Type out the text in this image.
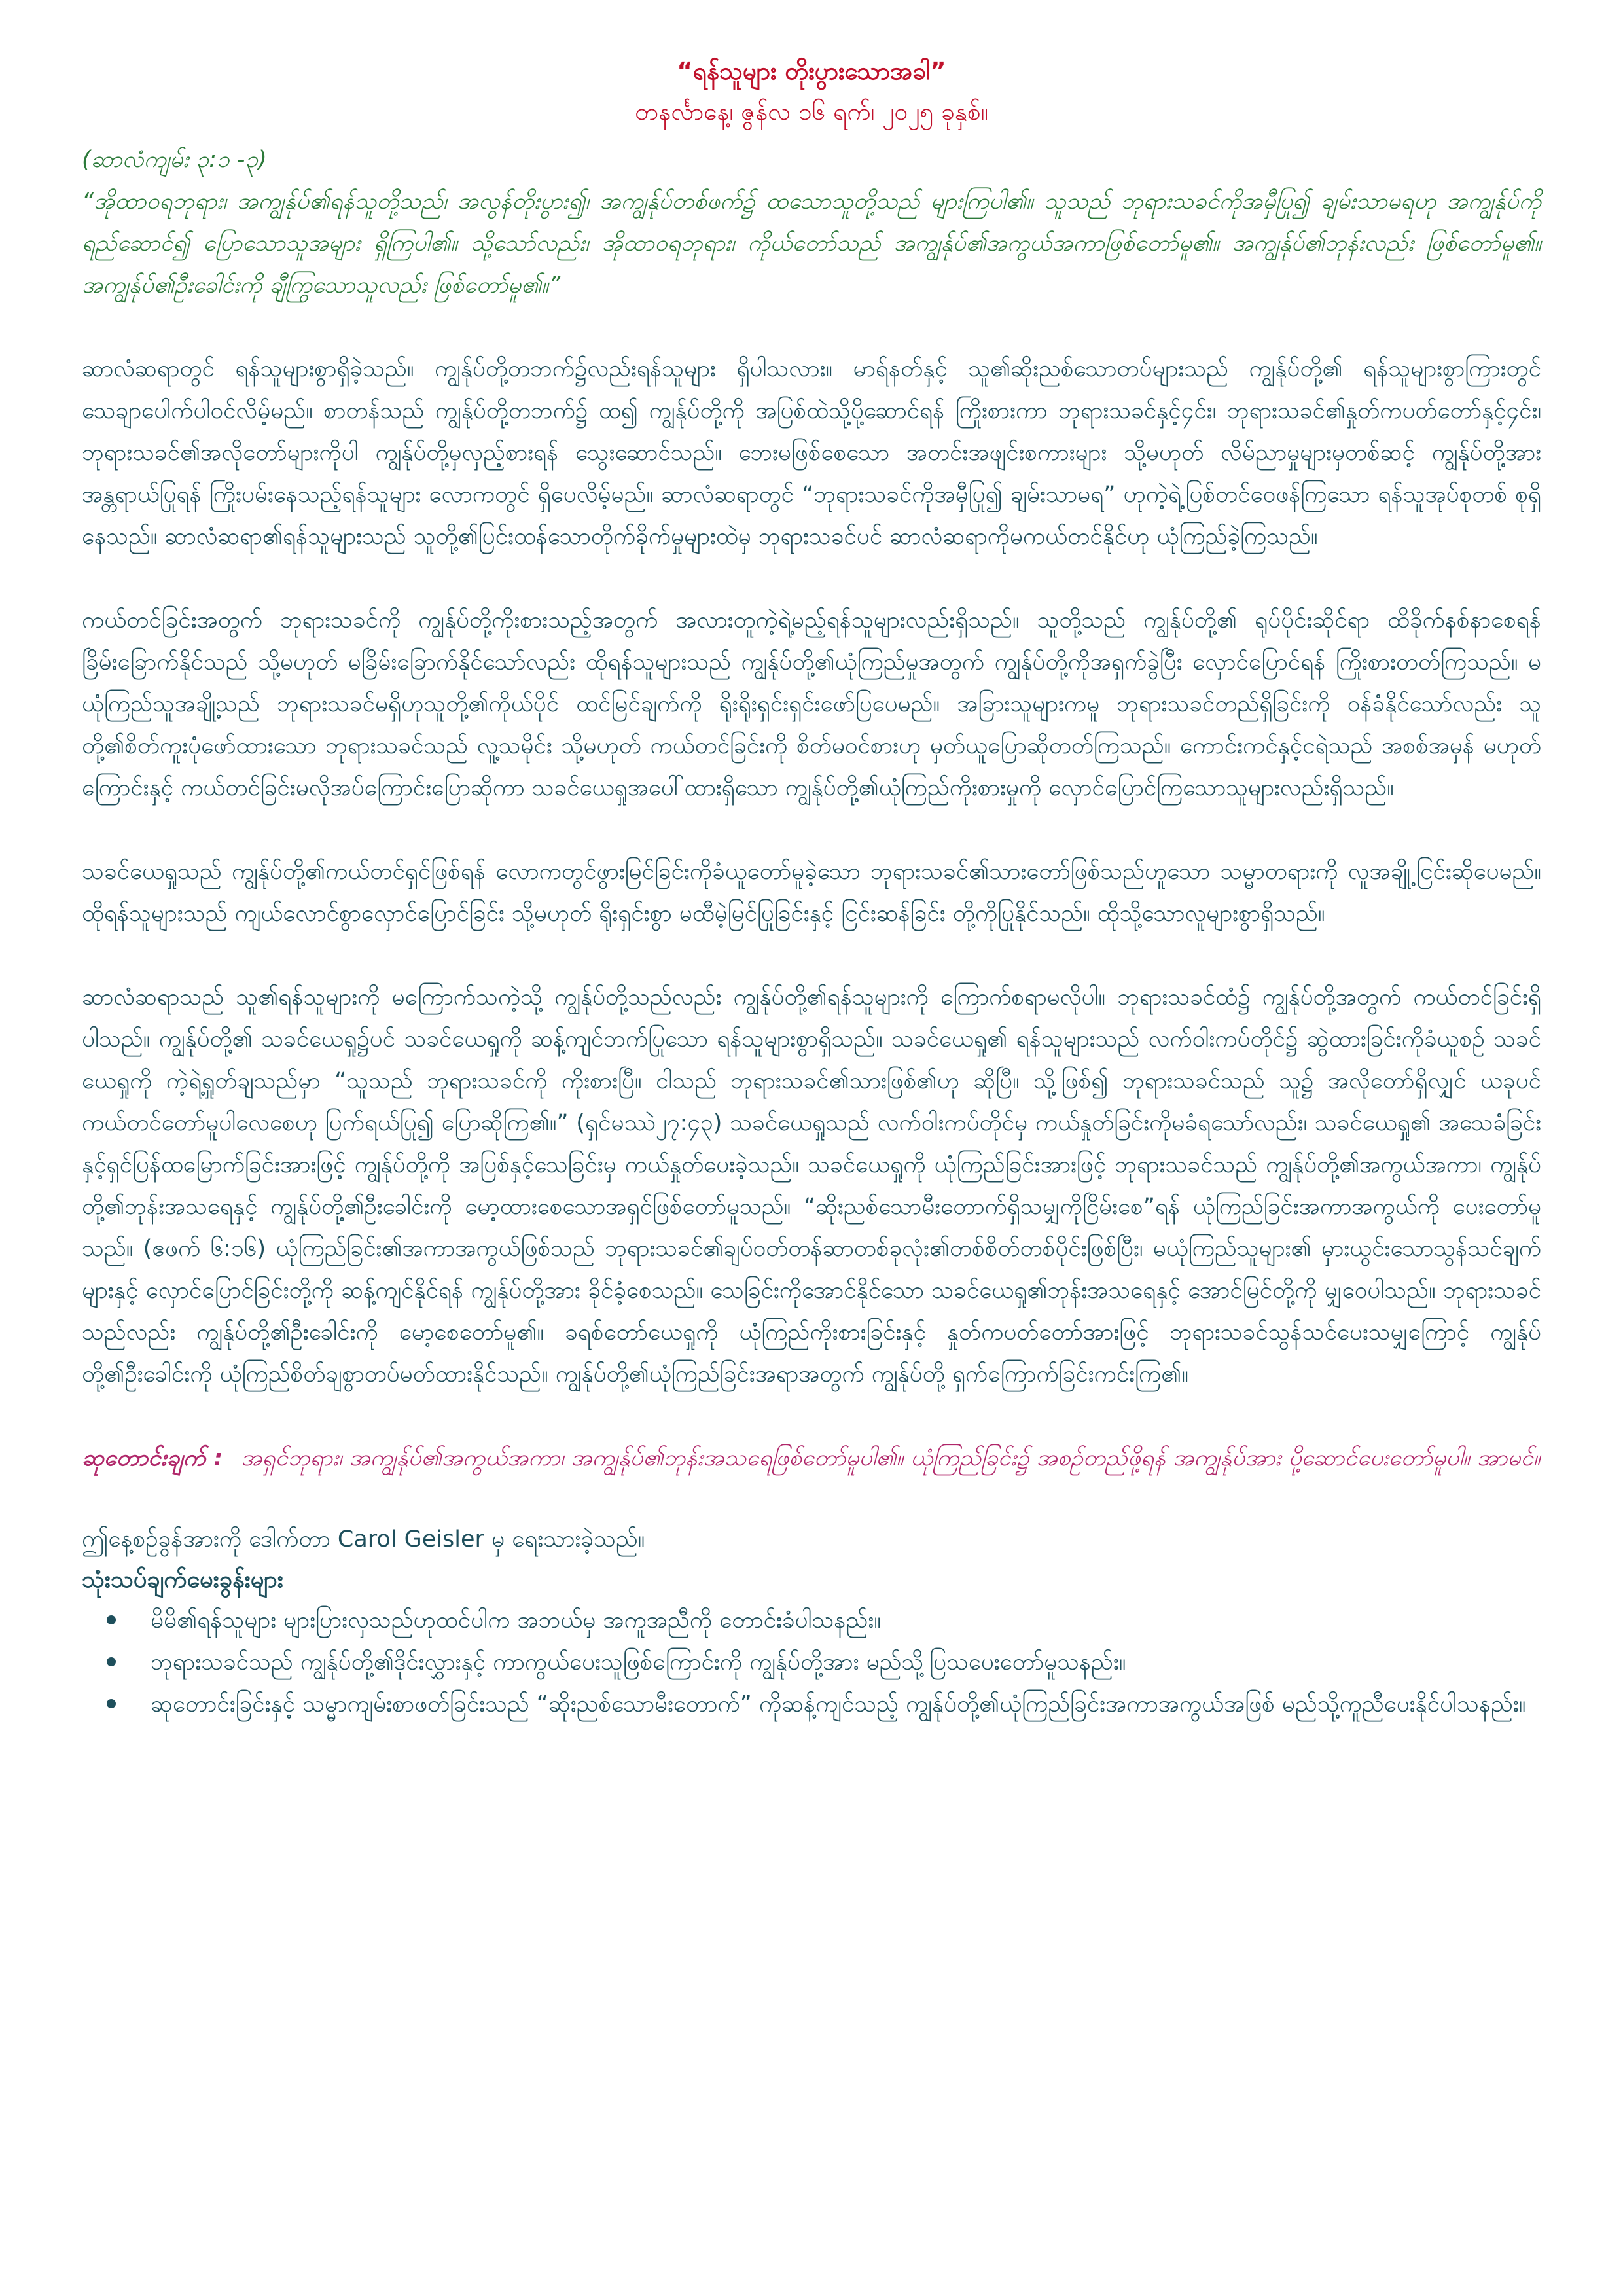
“ရန်သူများ တိုးပွားသောအခါ”

တနင်္လာနေ့၊ ဇွန်လ ၁၆ ရက်၊ ၂၀၂၅ ခုနှစ်။

(ဆာလံကျမ်း ၃:၁ -၃)

“အိုထာဝရဘုရား၊ အကျွန်ုပ်၏ရန်သူတို့သည်၊ အလွန်တိုးပွား၍၊ အကျွန်ုပ်တစ်ဖက်၌ ထသောသူတို့သည် များကြပါ၏။ သူသည် ဘုရားသခင်ကိုအမှီပြု၍ ချမ်းသာမရဟု အကျွန်ုပ်ကိုရည်ဆောင်၍ ပြောသောသူအများ ရှိကြပါ၏။ သို့သော်လည်း၊ အိုထာဝရဘုရား၊ ကိုယ်တော်သည် အကျွန်ုပ်၏အကွယ်အကာဖြစ်တော်မူ၏။ အကျွန်ုပ်၏ဘုန်းလည်း ဖြစ်တော်မူ၏။ အကျွန်ုပ်၏ဦးခေါင်းကို ချီကြွသောသူလည်း ဖြစ်တော်မူ၏။”

ဆာလံဆရာတွင် ရန်သူများစွာရှိခဲ့သည်။ ကျွန်ုပ်တို့တဘက်၌လည်းရန်သူများ ရှိပါသလား။ မာရ်နတ်နှင့် သူ၏ဆိုးညစ်သောတပ်များသည် ကျွန်ုပ်တို့၏ ရန်သူများစွာကြားတွင်သေချာပေါက်ပါဝင်လိမ့်မည်။ စာတန်သည် ကျွန်ုပ်တို့တဘက်၌ ထ၍ ကျွန်ုပ်တို့ကို အပြစ်ထဲသို့ပို့ဆောင်ရန် ကြိုးစားကာ ဘုရားသခင်နှင့်၄င်း၊ ဘုရားသခင်၏နှုတ်ကပတ်တော်နှင့်၄င်း၊ ဘုရားသခင်၏အလိုတော်များကိုပါ ကျွန်ုပ်တို့မှလှည့်စားရန် သွေးဆောင်သည်။ ဘေးမဖြစ်စေသော အတင်းအဖျင်းစကားများ သို့မဟုတ် လိမ်ညာမှုများမှတစ်ဆင့် ကျွန်ုပ်တို့အား အန္တရာယ်ပြုရန် ကြိုးပမ်းနေသည့်ရန်သူများ လောကတွင် ရှိပေလိမ့်မည်။ ဆာလံဆရာတွင် “ဘုရားသခင်ကိုအမှီပြု၍ ချမ်းသာမရ” ဟုကဲ့ရဲ့ပြစ်တင်ဝေဖန်ကြသော ရန်သူအုပ်စုတစ် စုရှိနေသည်။ ဆာလံဆရာ၏ရန်သူများသည် သူတို့၏ပြင်းထန်သောတိုက်ခိုက်မှုများထဲမှ ဘုရားသခင်ပင် ဆာလံဆရာကိုမကယ်တင်နိုင်ဟု ယုံကြည်ခဲ့ကြသည်။

ကယ်တင်ခြင်းအတွက် ဘုရားသခင်ကို ကျွန်ုပ်တို့ကိုးစားသည့်အတွက် အလားတူကဲ့ရဲ့မည့်ရန်သူများလည်းရှိသည်။ သူတို့သည် ကျွန်ုပ်တို့၏ ရုပ်ပိုင်းဆိုင်ရာ ထိခိုက်နစ်နာစေရန် ခြိမ်းခြောက်နိုင်သည် သို့မဟုတ် မခြိမ်းခြောက်နိုင်သော်လည်း ထိုရန်သူများသည် ကျွန်ုပ်တို့၏ယုံကြည်မှုအတွက် ကျွန်ုပ်တို့ကိုအရှက်ခွဲပြီး လှောင်ပြောင်ရန် ကြိုးစားတတ်ကြသည်။ မယုံကြည်သူအချို့သည် ဘုရားသခင်မရှိဟုသူတို့၏ကိုယ်ပိုင် ထင်မြင်ချက်ကို ရိုးရိုးရှင်းရှင်းဖော်ပြပေမည်။ အခြားသူများကမူ ဘုရားသခင်တည်ရှိခြင်းကို ဝန်ခံနိုင်သော်လည်း သူတို့၏စိတ်ကူးပုံဖော်ထားသော ဘုရားသခင်သည် လူ့သမိုင်း သို့မဟုတ် ကယ်တင်ခြင်းကို စိတ်မဝင်စားဟု မှတ်ယူပြောဆိုတတ်ကြသည်။ ကောင်းကင်နှင့်ငရဲသည် အစစ်အမှန် မဟုတ်ကြောင်းနှင့် ကယ်တင်ခြင်းမလိုအပ်ကြောင်းပြောဆိုကာ သခင်ယေရှုအပေါ်ထားရှိသော ကျွန်ုပ်တို့၏ယုံကြည်ကိုးစားမှုကို လှောင်ပြောင်ကြသောသူများလည်းရှိသည်။

သခင်ယေရှုသည် ကျွန်ုပ်တို့၏ကယ်တင်ရှင်ဖြစ်ရန် လောကတွင်ဖွားမြင်ခြင်းကိုခံယူတော်မူခဲ့သော ဘုရားသခင်၏သားတော်ဖြစ်သည်ဟူသော သမ္မာတရားကို လူအချို့ငြင်းဆိုပေမည်။ ထိုရန်သူများသည် ကျယ်လောင်စွာလှောင်ပြောင်ခြင်း သို့မဟုတ် ရိုးရှင်းစွာ မထီမဲ့မြင်ပြုခြင်းနှင့် ငြင်းဆန်ခြင်း တို့ကိုပြုနိုင်သည်။ ထိုသို့သောလူများစွာရှိသည်။

ဆာလံဆရာသည် သူ၏ရန်သူများကို မကြောက်သကဲ့သို့ ကျွန်ုပ်တို့သည်လည်း ကျွန်ုပ်တို့၏ရန်သူများကို ကြောက်စရာမလိုပါ။ ဘုရားသခင်ထံ၌ ကျွန်ုပ်တို့အတွက် ကယ်တင်ခြင်းရှိပါသည်။ ကျွန်ုပ်တို့၏ သခင်ယေရှု၌ပင် သခင်ယေရှုကို ဆန့်ကျင်ဘက်ပြုသော ရန်သူများစွာရှိသည်။ သခင်ယေရှု၏ ရန်သူများသည် လက်ဝါးကပ်တိုင်၌ ဆွဲထားခြင်းကိုခံယူစဉ် သခင်ယေရှုကို ကဲ့ရဲ့ရှုတ်ချသည်မှာ “သူသည် ဘုရားသခင်ကို ကိုးစားပြီ။ ငါသည် ဘုရားသခင်၏သားဖြစ်၏ဟု ဆိုပြီ။ သို့ဖြစ်၍ ဘုရားသခင်သည် သူ၌ အလိုတော်ရှိလျှင် ယခုပင် ကယ်တင်တော်မူပါလေစေဟု ပြက်ရယ်ပြု၍ ပြောဆိုကြ၏။” (ရှင်မဿဲ၂၇:၄၃) သခင်ယေရှုသည် လက်ဝါးကပ်တိုင်မှ ကယ်နှုတ်ခြင်းကိုမခံရသော်လည်း၊ သခင်ယေရှု၏ အသေခံခြင်းနှင့်ရှင်ပြန်ထမြောက်ခြင်းအားဖြင့် ကျွန်ုပ်တို့ကို အပြစ်နှင့်သေခြင်းမှ ကယ်နှုတ်ပေးခဲ့သည်။ သခင်ယေရှုကို ယုံကြည်ခြင်းအားဖြင့် ဘုရားသခင်သည် ကျွန်ုပ်တို့၏အကွယ်အကာ၊ ကျွန်ုပ်တို့၏ဘုန်းအသရေနှင့် ကျွန်ုပ်တို့၏ဦးခေါင်းကို မော့ထားစေသောအရှင်ဖြစ်တော်မူသည်။ “ဆိုးညစ်သောမီးတောက်ရှိသမျှကိုငြိမ်းစေ”ရန် ယုံကြည်ခြင်းအကာအကွယ်ကို ပေးတော်မူသည်။ (ဧဖက် ၆:၁၆) ယုံကြည်ခြင်း၏အကာအကွယ်ဖြစ်သည် ဘုရားသခင်၏ချပ်ဝတ်တန်ဆာတစ်ခုလုံး၏တစ်စိတ်တစ်ပိုင်းဖြစ်ပြီး၊ မယုံကြည်သူများ၏ မှားယွင်းသောသွန်သင်ချက်များနှင့် လှောင်ပြောင်ခြင်းတို့ကို ဆန့်ကျင်နိုင်ရန် ကျွန်ုပ်တို့အား ခိုင်ခံ့စေသည်။ သေခြင်းကိုအောင်နိုင်သော သခင်ယေရှု၏ဘုန်းအသရေနှင့် အောင်မြင်တို့ကို မျှဝေပါသည်။ ဘုရားသခင်သည်လည်း ကျွန်ုပ်တို့၏ဦးခေါင်းကို မော့စေတော်မူ၏။ ခရစ်တော်ယေရှုကို ယုံကြည်ကိုးစားခြင်းနှင့် နှုတ်ကပတ်တော်အားဖြင့် ဘုရားသခင်သွန်သင်ပေးသမျှကြောင့် ကျွန်ုပ်တို့၏ဦးခေါင်းကို ယုံကြည်စိတ်ချစွာတပ်မတ်ထားနိုင်သည်။ ကျွန်ုပ်တို့၏ယုံကြည်ခြင်းအရာအတွက် ကျွန်ုပ်တို့ ရှက်ကြောက်ခြင်းကင်းကြ၏။

ဆုတောင်းချက် : အရှင်ဘုရား၊ အကျွန်ုပ်၏အကွယ်အကာ၊ အကျွန်ုပ်၏ဘုန်းအသရေဖြစ်တော်မူပါ၏။ ယုံကြည်ခြင်း၌ အစဉ်တည်ဖို့ရန် အကျွန်ုပ်အား ပို့ဆောင်ပေးတော်မူပါ။ အာမင်။

ဤနေ့စဉ်ခွန်အားကို ဒေါက်တာ Carol Geisler မှ ရေးသားခဲ့သည်။

သုံးသပ်ချက်မေးခွန်းများ

မိမိ၏ရန်သူများ များပြားလှသည်ဟုထင်ပါက အဘယ်မှ အကူအညီကို တောင်းခံပါသနည်း။
ဘုရားသခင်သည် ကျွန်ုပ်တို့၏ဒိုင်းလွှားနှင့် ကာကွယ်ပေးသူဖြစ်ကြောင်းကို ကျွန်ုပ်တို့အား မည်သို့ပြသပေးတော်မူသနည်း။
ဆုတောင်းခြင်းနှင့် သမ္မာကျမ်းစာဖတ်ခြင်းသည် “ဆိုးညစ်သောမီးတောက်” ကိုဆန့်ကျင်သည့် ကျွန်ုပ်တို့၏ယုံကြည်ခြင်းအကာအကွယ်အဖြစ် မည်သို့ကူညီပေးနိုင်ပါသနည်း။
